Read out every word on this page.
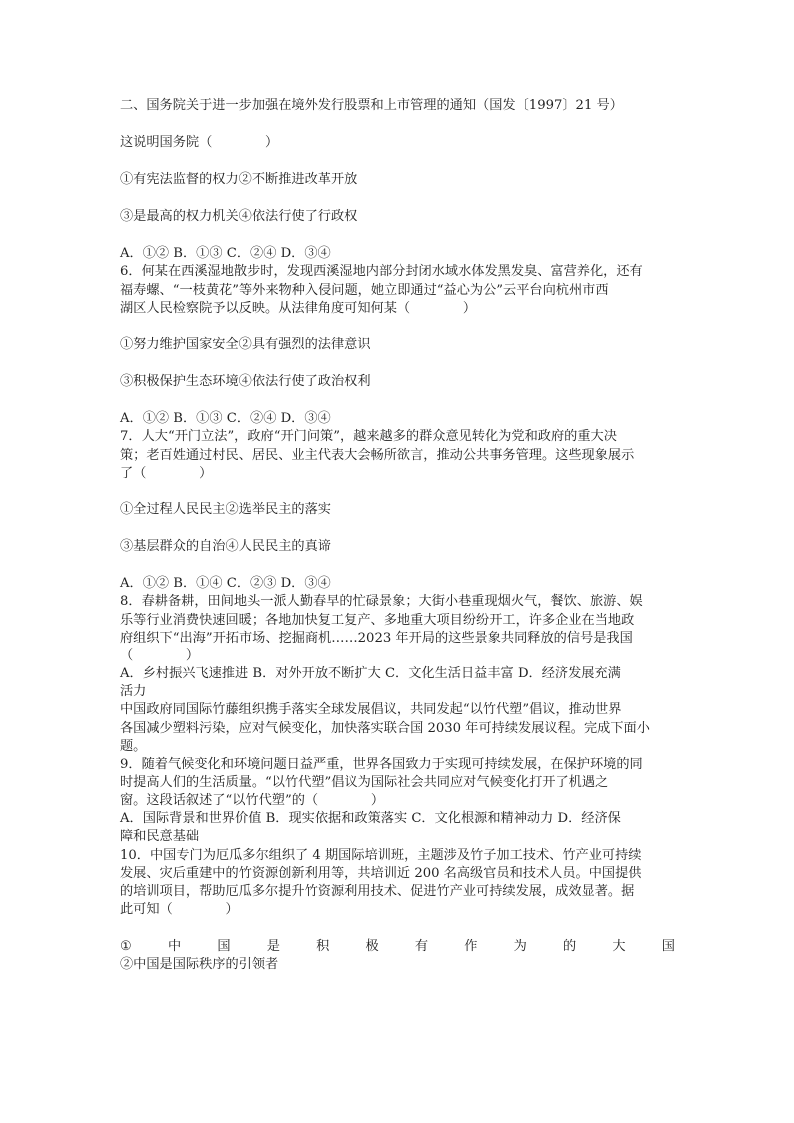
二、国务院关于进一步加强在境外发行股票和上市管理的通知（国发〔1997〕21 号）
这说明国务院（　　　　）
①有宪法监督的权力②不断推进改革开放
③是最高的权力机关④依法行使了行政权
A．①② B．①③ C．②④ D．③④
6．何某在西溪湿地散步时，发现西溪湿地内部分封闭水域水体发黑发臭、富营养化，还有
福寿螺、“一枝黄花”等外来物种入侵问题，她立即通过“益心为公”云平台向杭州市西
湖区人民检察院予以反映。从法律角度可知何某（　　　　）
①努力维护国家安全②具有强烈的法律意识
③积极保护生态环境④依法行使了政治权利
A．①② B．①③ C．②④ D．③④
7．人大“开门立法”，政府“开门问策”，越来越多的群众意见转化为党和政府的重大决
策；老百姓通过村民、居民、业主代表大会畅所欲言，推动公共事务管理。这些现象展示
了（　　　　）
①全过程人民民主②选举民主的落实
③基层群众的自治④人民民主的真谛
A．①② B．①④ C．②③ D．③④
8．春耕备耕，田间地头一派人勤春早的忙碌景象；大街小巷重现烟火气，餐饮、旅游、娱
乐等行业消费快速回暖；各地加快复工复产、多地重大项目纷纷开工，许多企业在当地政
府组织下“出海”开拓市场、挖掘商机……2023 年开局的这些景象共同释放的信号是我国
（　　　　）
A．乡村振兴飞速推进 B．对外开放不断扩大 C．文化生活日益丰富 D．经济发展充满
活力
中国政府同国际竹藤组织携手落实全球发展倡议，共同发起“以竹代塑”倡议，推动世界
各国减少塑料污染，应对气候变化，加快落实联合国 2030 年可持续发展议程。完成下面小
题。
9．随着气候变化和环境问题日益严重，世界各国致力于实现可持续发展，在保护环境的同
时提高人们的生活质量。“以竹代塑”倡议为国际社会共同应对气候变化打开了机遇之
窗。这段话叙述了“以竹代塑”的（　　　　）
A．国际背景和世界价值 B．现实依据和政策落实 C．文化根源和精神动力 D．经济保
障和民意基础
10．中国专门为厄瓜多尔组织了 4 期国际培训班，主题涉及竹子加工技术、竹产业可持续
发展、灾后重建中的竹资源创新利用等，共培训近 200 名高级官员和技术人员。中国提供
的培训项目，帮助厄瓜多尔提升竹资源利用技术、促进竹产业可持续发展，成效显著。据
此可知（　　　　）
①	中	国	是	积	极	有	作	为	的	大	国
②中国是国际秩序的引领者
